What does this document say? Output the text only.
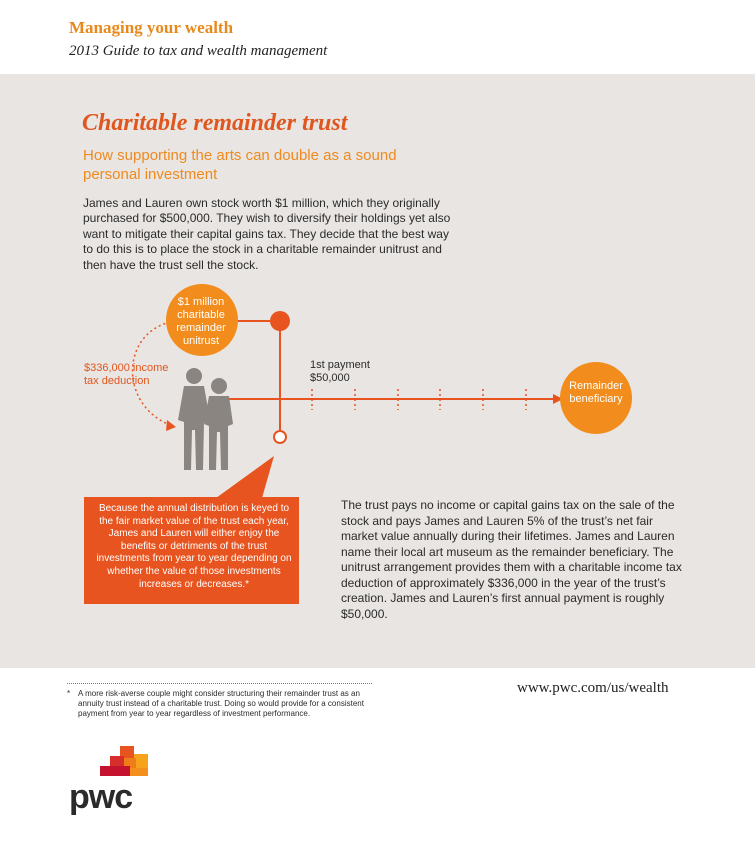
Managing your wealth
2013 Guide to tax and wealth management
Charitable remainder trust
How supporting the arts can double as a sound personal investment
James and Lauren own stock worth $1 million, which they originally purchased for $500,000. They wish to diversify their holdings yet also want to mitigate their capital gains tax. They decide that the best way to do this is to place the stock in a charitable remainder unitrust and then have the trust sell the stock.
$1 million
charitable
remainder
unitrust
Remainder
beneficiary
$336,000 income
tax deduction
1st payment
$50,000
Because the annual distribution is keyed to the fair market value of the trust each year, James and Lauren will either enjoy the benefits or detriments of the trust investments from year to year depending on whether the value of those investments increases or decreases.*
The trust pays no income or capital gains tax on the sale of the stock and pays James and Lauren 5% of the trust’s net fair market value annually during their lifetimes. James and Lauren name their local art museum as the remainder beneficiary. The unitrust arrangement provides them with a charitable income tax deduction of approximately $336,000 in the year of the trust’s creation. James and Lauren’s first annual payment is roughly $50,000.
* A more risk-averse couple might consider structuring their remainder trust as an annuity trust instead of a charitable trust. Doing so would provide for a consistent payment from year to year regardless of investment performance.
www.pwc.com/us/wealth
pwc
